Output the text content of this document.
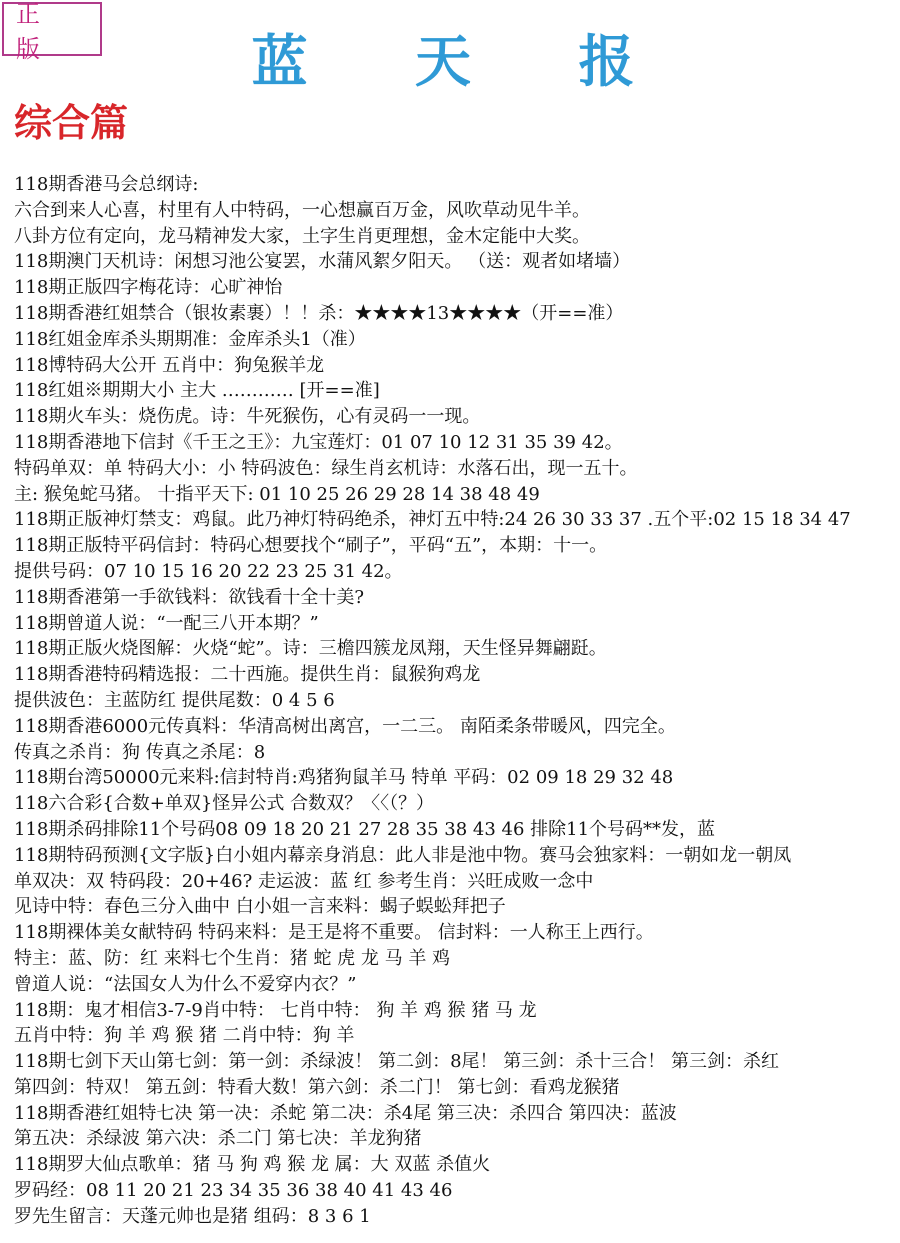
正 版	蓝 天 报
综合篇
118期香港马会总纲诗:
六合到来人心喜，村里有人中特码，一心想赢百万金，风吹草动见牛羊。
八卦方位有定向，龙马精神发大家，土字生肖更理想，金木定能中大奖。
118期澳门天机诗：闲想习池公宴罢，水蒲风絮夕阳天。 （送：观者如堵墙）
118期正版四字梅花诗：心旷神怡
118期香港红姐禁合（银妆素裹）！！杀：★★★★13★★★★（开==准）
118红姐金库杀头期期准：金库杀头1（准）
118博特码大公开 五肖中：狗兔猴羊龙
118红姐※期期大小 主大 ………… [开==准]
118期火车头：烧伤虎。诗：牛死猴伤，心有灵码一一现。
118期香港地下信封《千王之王》：九宝莲灯：01 07 10 12 31 35 39 42。
特码单双：单 特码大小：小 特码波色：绿生肖玄机诗：水落石出，现一五十。
主: 猴兔蛇马猪。 十指平天下: 01 10 25 26 29 28 14 38 48 49
118期正版神灯禁支：鸡鼠。此乃神灯特码绝杀，神灯五中特:24 26 30 33 37 .五个平:02 15 18 34 47
118期正版特平码信封：特码心想要找个“刷子”，平码“五”，本期：十一。
提供号码：07 10 15 16 20 22 23 25 31 42。
118期香港第一手欲钱料：欲钱看十全十美?
118期曾道人说：“一配三八开本期？”
118期正版火烧图解：火烧“蛇”。诗：三檐四簇龙凤翔，天生怪异舞翩跹。
118期香港特码精选报：二十西施。提供生肖：鼠猴狗鸡龙
提供波色：主蓝防红 提供尾数：0 4 5 6
118期香港6000元传真料：华清高树出离宫，一二三。 南陌柔条带暖风，四完全。
传真之杀肖：狗 传真之杀尾：8
118期台湾50000元来料:信封特肖:鸡猪狗鼠羊马 特单 平码：02 09 18 29 32 48
118六合彩{合数+单双}怪异公式 合数双？〈〈（？）
118期杀码排除11个号码08 09 18 20 21 27 28 35 38 43 46 排除11个号码**发，蓝
118期特码预测{文字版}白小姐内幕亲身消息：此人非是池中物。赛马会独家料：一朝如龙一朝凤
单双决：双 特码段：20+46? 走运波：蓝 红 参考生肖：兴旺成败一念中
见诗中特：春色三分入曲中 白小姐一言来料：蝎子蜈蚣拜把子
118期裸体美女献特码 特码来料：是王是将不重要。 信封料：一人称王上西行。
特主：蓝、防：红 来料七个生肖：猪 蛇 虎 龙 马 羊 鸡
曾道人说：“法国女人为什么不爱穿内衣？”
118期：鬼才相信3-7-9肖中特： 七肖中特： 狗 羊 鸡 猴 猪 马 龙
五肖中特：狗 羊 鸡 猴 猪 二肖中特：狗 羊
118期七剑下天山第七剑：第一剑：杀绿波！ 第二剑：8尾！ 第三剑：杀十三合！ 第三剑：杀红
第四剑：特双！ 第五剑：特看大数！第六剑：杀二门！ 第七剑：看鸡龙猴猪
118期香港红姐特七决 第一决：杀蛇 第二决：杀4尾 第三决：杀四合 第四决：蓝波
第五决：杀绿波 第六决：杀二门 第七决：羊龙狗猪
118期罗大仙点歌单：猪 马 狗 鸡 猴 龙 属：大 双蓝 杀值火
罗码经：08 11 20 21 23 34 35 36 38 40 41 43 46
罗先生留言：天蓬元帅也是猪 组码：8 3 6 1
